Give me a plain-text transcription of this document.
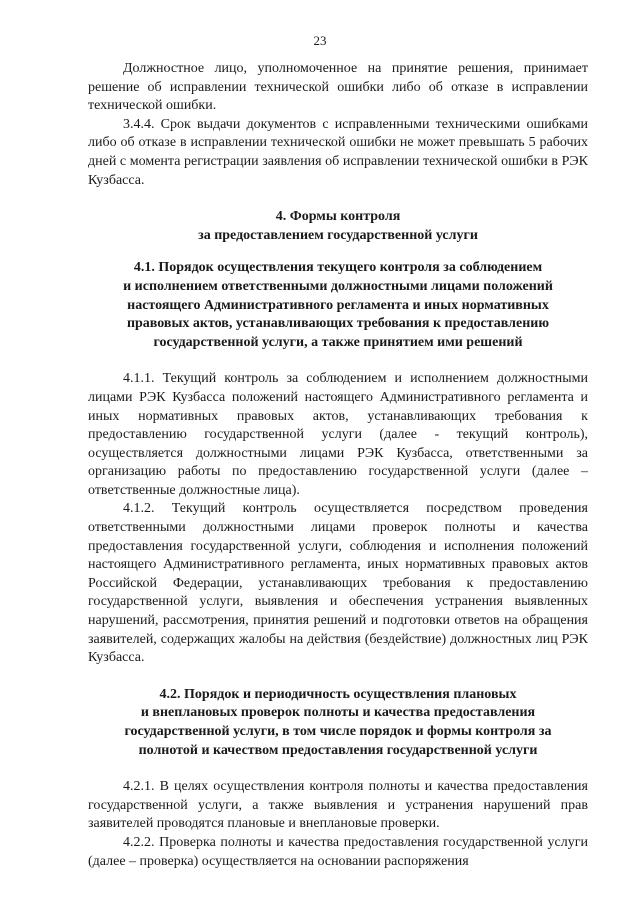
23

Должностное лицо, уполномоченное на принятие решения, принимает решение об исправлении технической ошибки либо об отказе в исправлении технической ошибки.

3.4.4. Срок выдачи документов с исправленными техническими ошибками либо об отказе в исправлении технической ошибки не может превышать 5 рабочих дней с момента регистрации заявления об исправлении технической ошибки в РЭК Кузбасса.

4. Формы контроля
за предоставлением государственной услуги
4.1. Порядок осуществления текущего контроля за соблюдением
и исполнением ответственными должностными лицами положений
настоящего Административного регламента и иных нормативных
правовых актов, устанавливающих требования к предоставлению
государственной услуги, а также принятием ими решений

4.1.1. Текущий контроль за соблюдением и исполнением должностными лицами РЭК Кузбасса положений настоящего Административного регламента и иных нормативных правовых актов, устанавливающих требования к предоставлению государственной услуги (далее - текущий контроль), осуществляется должностными лицами РЭК Кузбасса, ответственными за организацию работы по предоставлению государственной услуги (далее – ответственные должностные лица).

4.1.2. Текущий контроль осуществляется посредством проведения ответственными должностными лицами проверок полноты и качества предоставления государственной услуги, соблюдения и исполнения положений настоящего Административного регламента, иных нормативных правовых актов Российской Федерации, устанавливающих требования к предоставлению государственной услуги, выявления и обеспечения устранения выявленных нарушений, рассмотрения, принятия решений и подготовки ответов на обращения заявителей, содержащих жалобы на действия (бездействие) должностных лиц РЭК Кузбасса.

4.2. Порядок и периодичность осуществления плановых
и внеплановых проверок полноты и качества предоставления
государственной услуги, в том числе порядок и формы контроля за
полнотой и качеством предоставления государственной услуги

4.2.1. В целях осуществления контроля полноты и качества предоставления государственной услуги, а также выявления и устранения нарушений прав заявителей проводятся плановые и внеплановые проверки.

4.2.2. Проверка полноты и качества предоставления государственной услуги (далее – проверка) осуществляется на основании распоряжения
